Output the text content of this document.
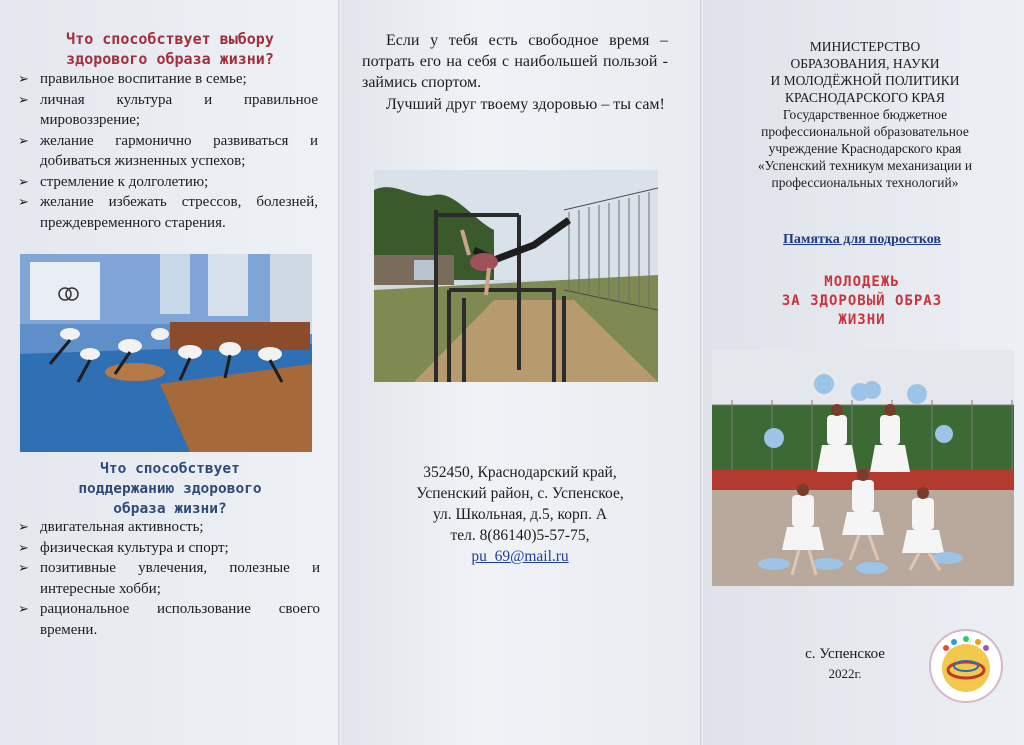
Что способствует выбору
здорового образа жизни?
➢ правильное воспитание в семье;
➢ личная культура и правильное мировоззрение;
➢ желание гармонично развиваться и добиваться жизненных успехов;
➢ стремление к долголетию;
➢ желание избежать стрессов, болезней, преждевременного старения.
Что способствует
поддержанию здорового
образа жизни?
➢ двигательная активность;
➢ физическая культура и спорт;
➢ позитивные увлечения, полезные и интересные хобби;
➢ рациональное использование своего времени.
Если у тебя есть свободное время – потрать его на себя с наибольшей пользой - займись спортом.
Лучший друг твоему здоровью – ты сам!
352450, Краснодарский край,
Успенский район, с. Успенское,
ул. Школьная, д.5, корп. А
тел. 8(86140)5-57-75,
pu_69@mail.ru
МИНИСТЕРСТВО
ОБРАЗОВАНИЯ, НАУКИ
И МОЛОДЁЖНОЙ ПОЛИТИКИ
КРАСНОДАРСКОГО КРАЯ
Государственное бюджетное
профессиональной образовательное
учреждение Краснодарского края
«Успенский техникум механизации и
профессиональных технологий»
Памятка для подростков
МОЛОДЕЖЬ
ЗА ЗДОРОВЫЙ ОБРАЗ
ЖИЗНИ
с. Успенское
2022г.
